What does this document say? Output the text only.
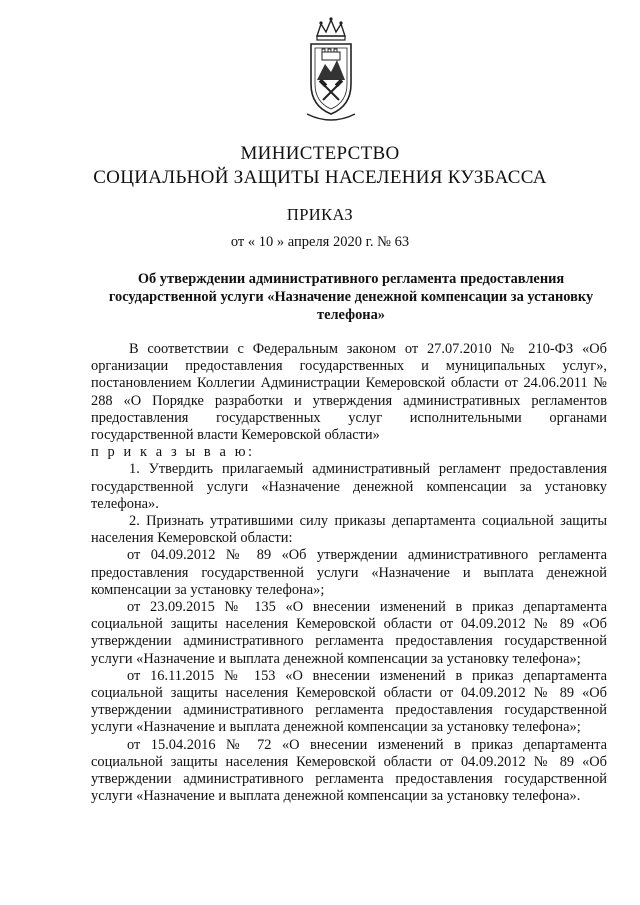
МИНИСТЕРСТВО
СОЦИАЛЬНОЙ ЗАЩИТЫ НАСЕЛЕНИЯ КУЗБАССА
ПРИКАЗ
от « 10 » апреля 2020 г. № 63
Об утверждении административного регламента предоставления государственной услуги «Назначение денежной компенсации за установку телефона»

В соответствии с Федеральным законом от 27.07.2010 № 210-ФЗ «Об организации предоставления государственных и муниципальных услуг», постановлением Коллегии Администрации Кемеровской области от 24.06.2011 № 288 «О Порядке разработки и утверждения административных регламентов предоставления государственных услуг исполнительными органами государственной власти Кемеровской области»
п р и к а з ы в а ю:

1. Утвердить прилагаемый административный регламент предоставления государственной услуги «Назначение денежной компенсации за установку телефона».

2. Признать утратившими силу приказы департамента социальной защиты населения Кемеровской области:

от 04.09.2012 № 89 «Об утверждении административного регламента предоставления государственной услуги «Назначение и выплата денежной компенсации за установку телефона»;

от 23.09.2015 № 135 «О внесении изменений в приказ департамента социальной защиты населения Кемеровской области от 04.09.2012 № 89 «Об утверждении административного регламента предоставления государственной услуги «Назначение и выплата денежной компенсации за установку телефона»;

от 16.11.2015 № 153 «О внесении изменений в приказ департамента социальной защиты населения Кемеровской области от 04.09.2012 № 89 «Об утверждении административного регламента предоставления государственной услуги «Назначение и выплата денежной компенсации за установку телефона»;

от 15.04.2016 № 72 «О внесении изменений в приказ департамента социальной защиты населения Кемеровской области от 04.09.2012 № 89 «Об утверждении административного регламента предоставления государственной услуги «Назначение и выплата денежной компенсации за установку телефона».
